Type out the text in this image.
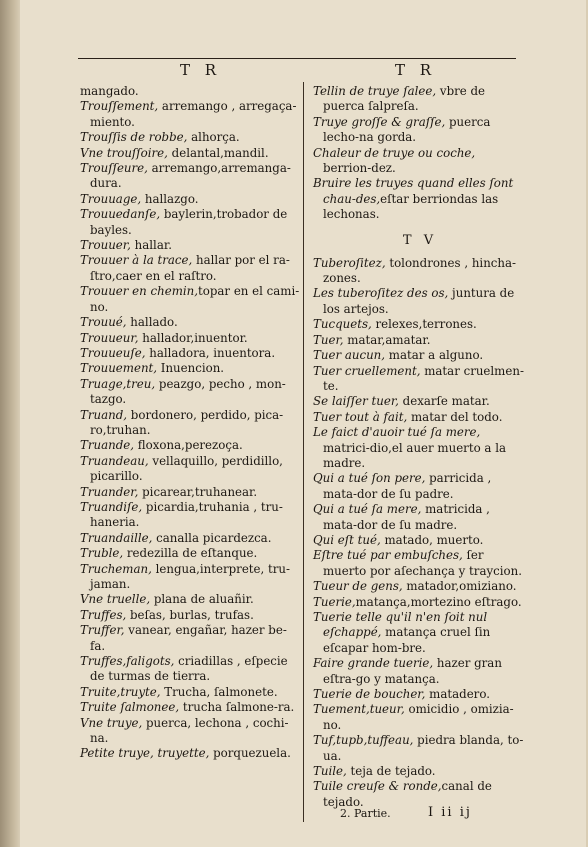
T R	T R

mangado.

Trouſſement, arremango , arregaça-miento.

Trouſſis de robbe, alhorça.

Vne trouſſoire, delantal,mandil.

Trouſſeure, arremango,arremanga-dura.

Trouuage, hallazgo.

Trouuedanſe, baylerin,trobador de bayles.

Trouuer, hallar.

Trouuer à la trace, hallar por el ra-ſtro,caer en el raſtro.

Trouuer en chemin,topar en el cami-no.

Trouué, hallado.

Trouueur, hallador,inuentor.

Trouueuſe, halladora, inuentora.

Trouuement, Inuencion.

Truage,treu, peazgo, pecho , mon-tazgo.

Truand, bordonero, perdido, pica-ro,truhan.

Truande, floxona,perezoça.

Truandeau, vellaquillo, perdidillo, picarillo.

Truander, picarear,truhanear.

Truandiſe, picardia,truhania , tru-haneria.

Truandaille, canalla picardezca.

Truble, redezilla de eſtanque.

Trucheman, lengua,interprete, tru-jaman.

Vne truelle, plana de aluañir.

Truffes, beſas, burlas, trufas.

Truffer, vanear, engañar, hazer be-fa.

Truffes,faligots, criadillas , eſpecie de turmas de tierra.

Truite,truyte, Trucha, ſalmonete.

Truite ſalmonee, trucha ſalmone-ra.

Vne truye, puerca, lechona , cochi-na.

Petite truye, truyette, porquezuela.

Tellin de truye ſalee, vbre de puerca ſalpreſa.

Truye groſſe & graſſe, puerca lecho-na gorda.

Chaleur de truye ou coche, berrion-dez.

Bruire les truyes quand elles ſont chau-des,eſtar berriondas las lechonas.

T V

Tuberoſitez, tolondrones , hincha-zones.

Les tuberoſitez des os, juntura de los artejos.

Tucquets, relexes,terrones.

Tuer, matar,amatar.

Tuer aucun, matar a alguno.

Tuer cruellement, matar cruelmen-te.

Se laiſſer tuer, dexarſe matar.

Tuer tout à fait, matar del todo.

Le faict d'auoir tué ſa mere, matrici-dio,el auer muerto a la madre.

Qui a tué ſon pere, parricida , mata-dor de ſu padre.

Qui a tué ſa mere, matricida , mata-dor de ſu madre.

Qui eſt tué, matado, muerto.

Eſtre tué par embuſches, ſer muerto por aſechança y traycion.

Tueur de gens, matador,omiziano.

Tuerie,matança,mortezino eſtrago.

Tuerie telle qu'il n'en ſoit nul eſchappé, matança cruel ſin eſcapar hom-bre.

Faire grande tuerie, hazer gran eſtra-go y matança.

Tuerie de boucher, matadero.

Tuement,tueur, omicidio , omizia-no.

Tuf,tupb,tuffeau, piedra blanda, to-ua.

Tuile, teja de tejado.

Tuile creuſe & ronde,canal de tejado.

2. Partie.	I ii ij
